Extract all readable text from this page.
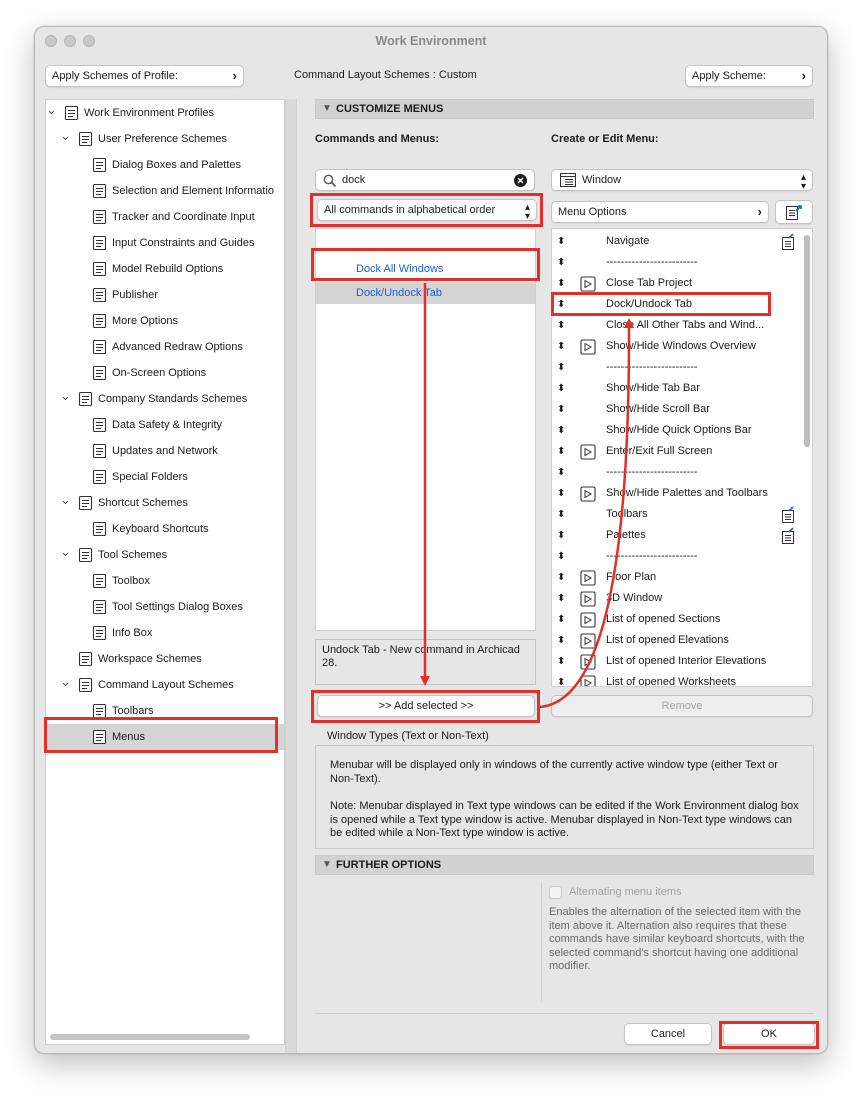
Work Environment
Apply Schemes of Profile:	›	Command Layout Schemes : Custom	Apply Scheme:	›
⌄ Work Environment Profiles
⌄ User Preference Schemes
Dialog Boxes and Palettes
Selection and Element Informatio
Tracker and Coordinate Input
Input Constraints and Guides
Model Rebuild Options
Publisher
More Options
Advanced Redraw Options
On-Screen Options
⌄ Company Standards Schemes
Data Safety & Integrity
Updates and Network
Special Folders
⌄ Shortcut Schemes
Keyboard Shortcuts
⌄ Tool Schemes
Toolbox
Tool Settings Dialog Boxes
Info Box
Workspace Schemes
⌄ Command Layout Schemes
Toolbars
Menus
▼ CUSTOMIZE MENUS
Commands and Menus:	Create or Edit Menu:
dock
All commands in alphabetical order	▴
▾
Dock All Windows
Dock/Undock Tab
Undock Tab - New command in Archicad 28.
>> Add selected >>
Window	▴
▾
Menu Options	›
⬍	Navigate
⬍	-------------------------
⬍	Close Tab Project
⬍	Dock/Undock Tab
⬍	Close All Other Tabs and Wind...
⬍	Show/Hide Windows Overview
⬍	-------------------------
⬍	Show/Hide Tab Bar
⬍	Show/Hide Scroll Bar
⬍	Show/Hide Quick Options Bar
⬍	Enter/Exit Full Screen
⬍	-------------------------
⬍	Show/Hide Palettes and Toolbars
⬍	Toolbars
⬍	Palettes
⬍	-------------------------
⬍	Floor Plan
⬍	3D Window
⬍	List of opened Sections
⬍	List of opened Elevations
⬍	List of opened Interior Elevations
⬍	List of opened Worksheets
Remove
Window Types (Text or Non-Text)
Menubar will be displayed only in windows of the currently active window type (either Text or Non-Text).
Note: Menubar displayed in Text type windows can be edited if the Work Environment dialog box is opened while a Text type window is active. Menubar displayed in Non-Text type windows can be edited while a Non-Text type window is active.
▼ FURTHER OPTIONS
Alternating menu items
Enables the alternation of the selected item with the item above it. Alternation also requires that these commands have similar keyboard shortcuts, with the selected command's shortcut having one additional modifier.
Cancel	OK
